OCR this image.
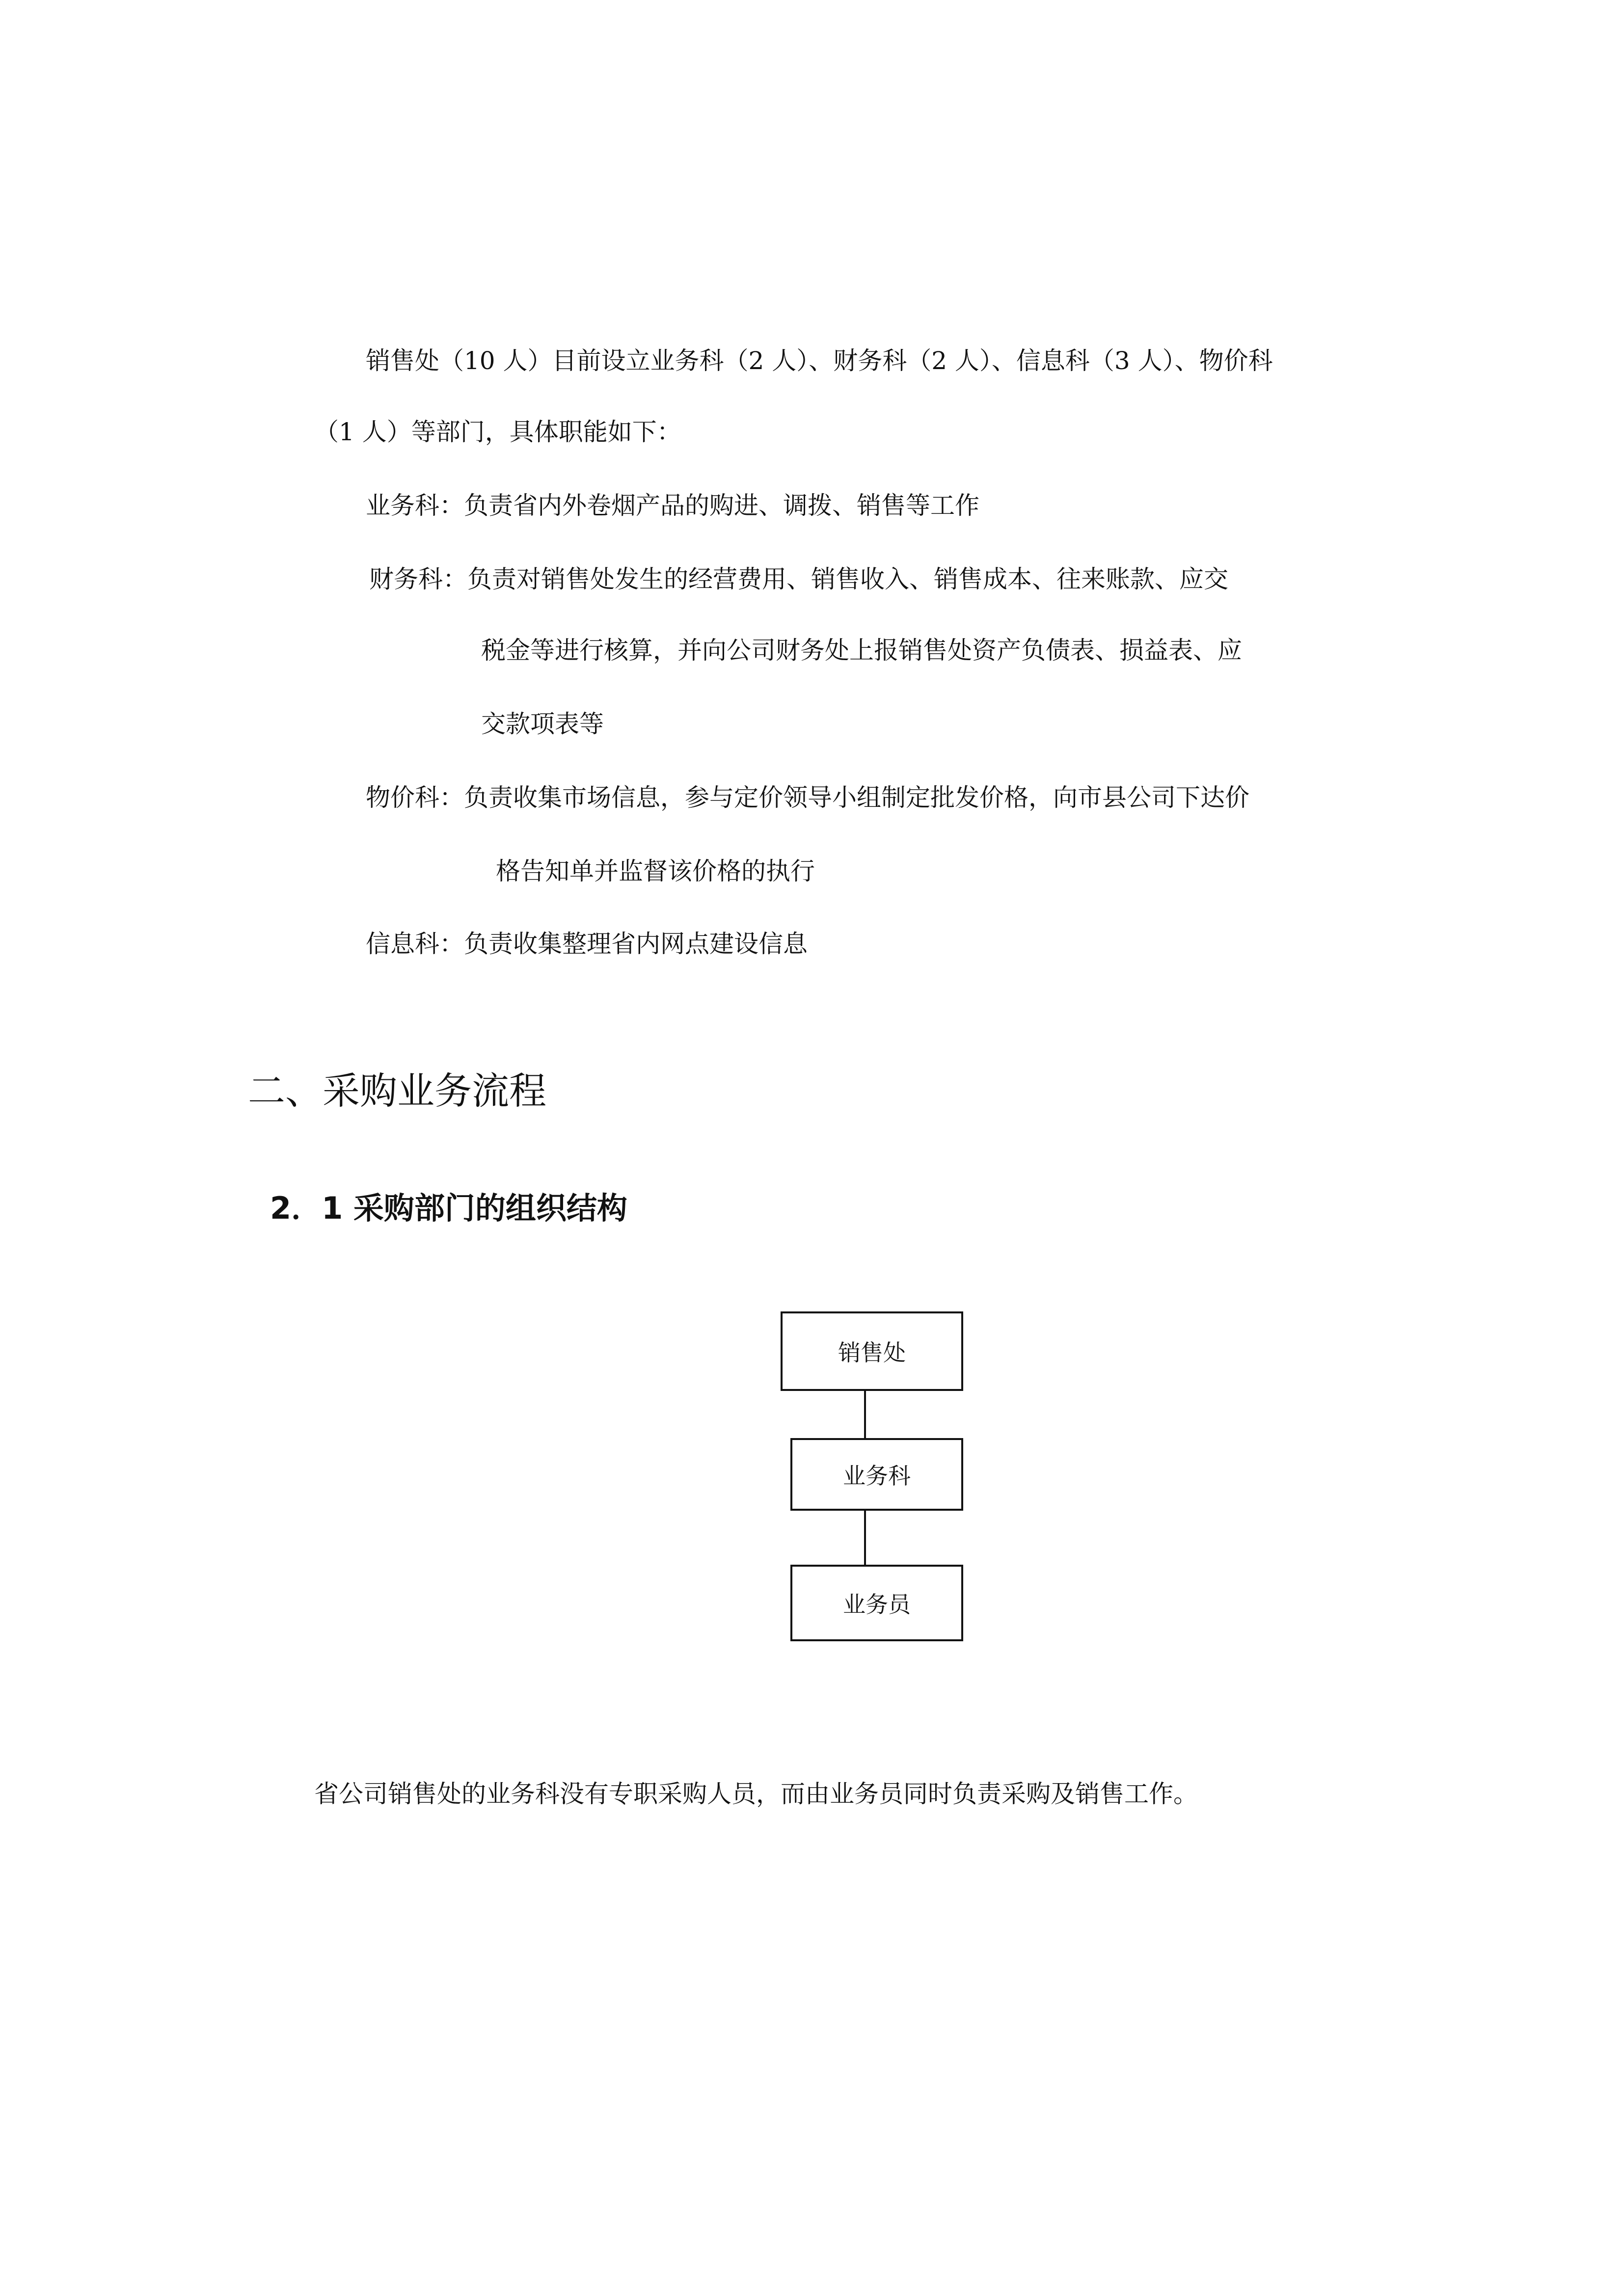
销售处（10 人）目前设立业务科（2 人）、财务科（2 人）、信息科（3 人）、物价科
（1 人）等部门，具体职能如下：
业务科：负责省内外卷烟产品的购进、调拨、销售等工作
财务科：负责对销售处发生的经营费用、销售收入、销售成本、往来账款、应交
税金等进行核算，并向公司财务处上报销售处资产负债表、损益表、应
交款项表等
物价科：负责收集市场信息，参与定价领导小组制定批发价格，向市县公司下达价
格告知单并监督该价格的执行
信息科：负责收集整理省内网点建设信息
二、采购业务流程
2．1 采购部门的组织结构
销售处
业务科
业务员
省公司销售处的业务科没有专职采购人员，而由业务员同时负责采购及销售工作。
